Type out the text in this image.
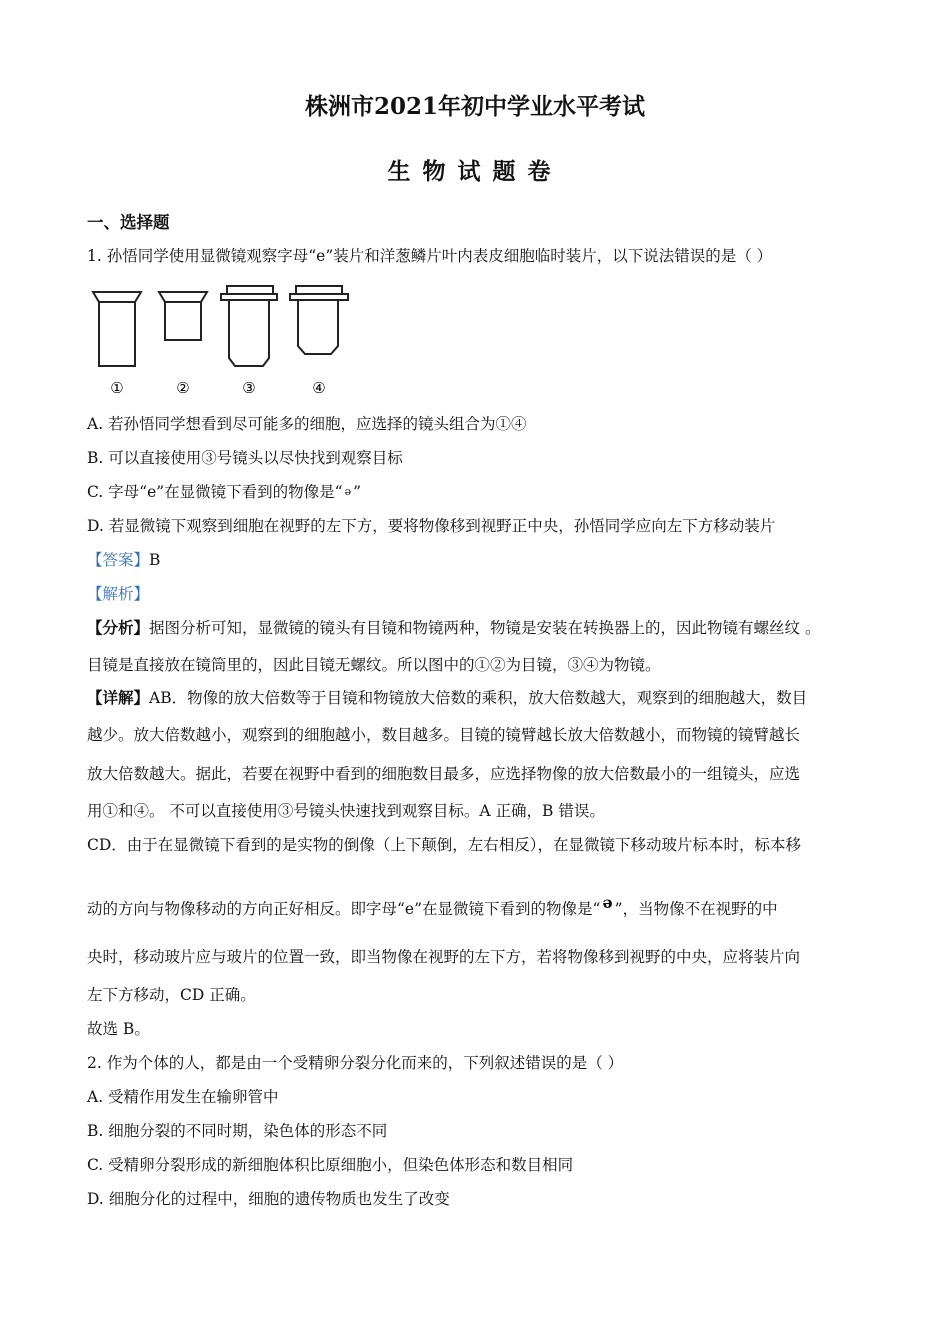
株洲市2021年初中学业水平考试
生物试题卷
一、选择题
1. 孙悟同学使用显微镜观察字母“e”装片和洋葱鳞片叶内表皮细胞临时装片，以下说法错误的是（ ）
①	②	③	④
A. 若孙悟同学想看到尽可能多的细胞，应选择的镜头组合为①④
B. 可以直接使用③号镜头以尽快找到观察目标
C. 字母“e”在显微镜下看到的物像是“ ə ”
D. 若显微镜下观察到细胞在视野的左下方，要将物像移到视野正中央，孙悟同学应向左下方移动装片
【答案】B
【解析】
【分析】据图分析可知，显微镜的镜头有目镜和物镜两种，物镜是安装在转换器上的，因此物镜有螺丝纹 。
目镜是直接放在镜筒里的，因此目镜无螺纹。所以图中的①②为目镜，③④为物镜。
【详解】AB．物像的放大倍数等于目镜和物镜放大倍数的乘积，放大倍数越大，观察到的细胞越大，数目
越少。放大倍数越小，观察到的细胞越小，数目越多。目镜的镜臂越长放大倍数越小，而物镜的镜臂越长
放大倍数越大。据此，若要在视野中看到的细胞数目最多，应选择物像的放大倍数最小的一组镜头，应选
用①和④。 不可以直接使用③号镜头快速找到观察目标。A 正确，B 错误。
CD．由于在显微镜下看到的是实物的倒像（上下颠倒，左右相反），在显微镜下移动玻片标本时，标本移
动的方向与物像移动的方向正好相反。即字母“e”在显微镜下看到的物像是“ ə ”，当物像不在视野的中
央时，移动玻片应与玻片的位置一致，即当物像在视野的左下方，若将物像移到视野的中央，应将装片向
左下方移动，CD 正确。
故选 B。
2. 作为个体的人，都是由一个受精卵分裂分化而来的，下列叙述错误的是（ ）
A. 受精作用发生在输卵管中
B. 细胞分裂的不同时期，染色体的形态不同
C. 受精卵分裂形成的新细胞体积比原细胞小，但染色体形态和数目相同
D. 细胞分化的过程中，细胞的遗传物质也发生了改变
